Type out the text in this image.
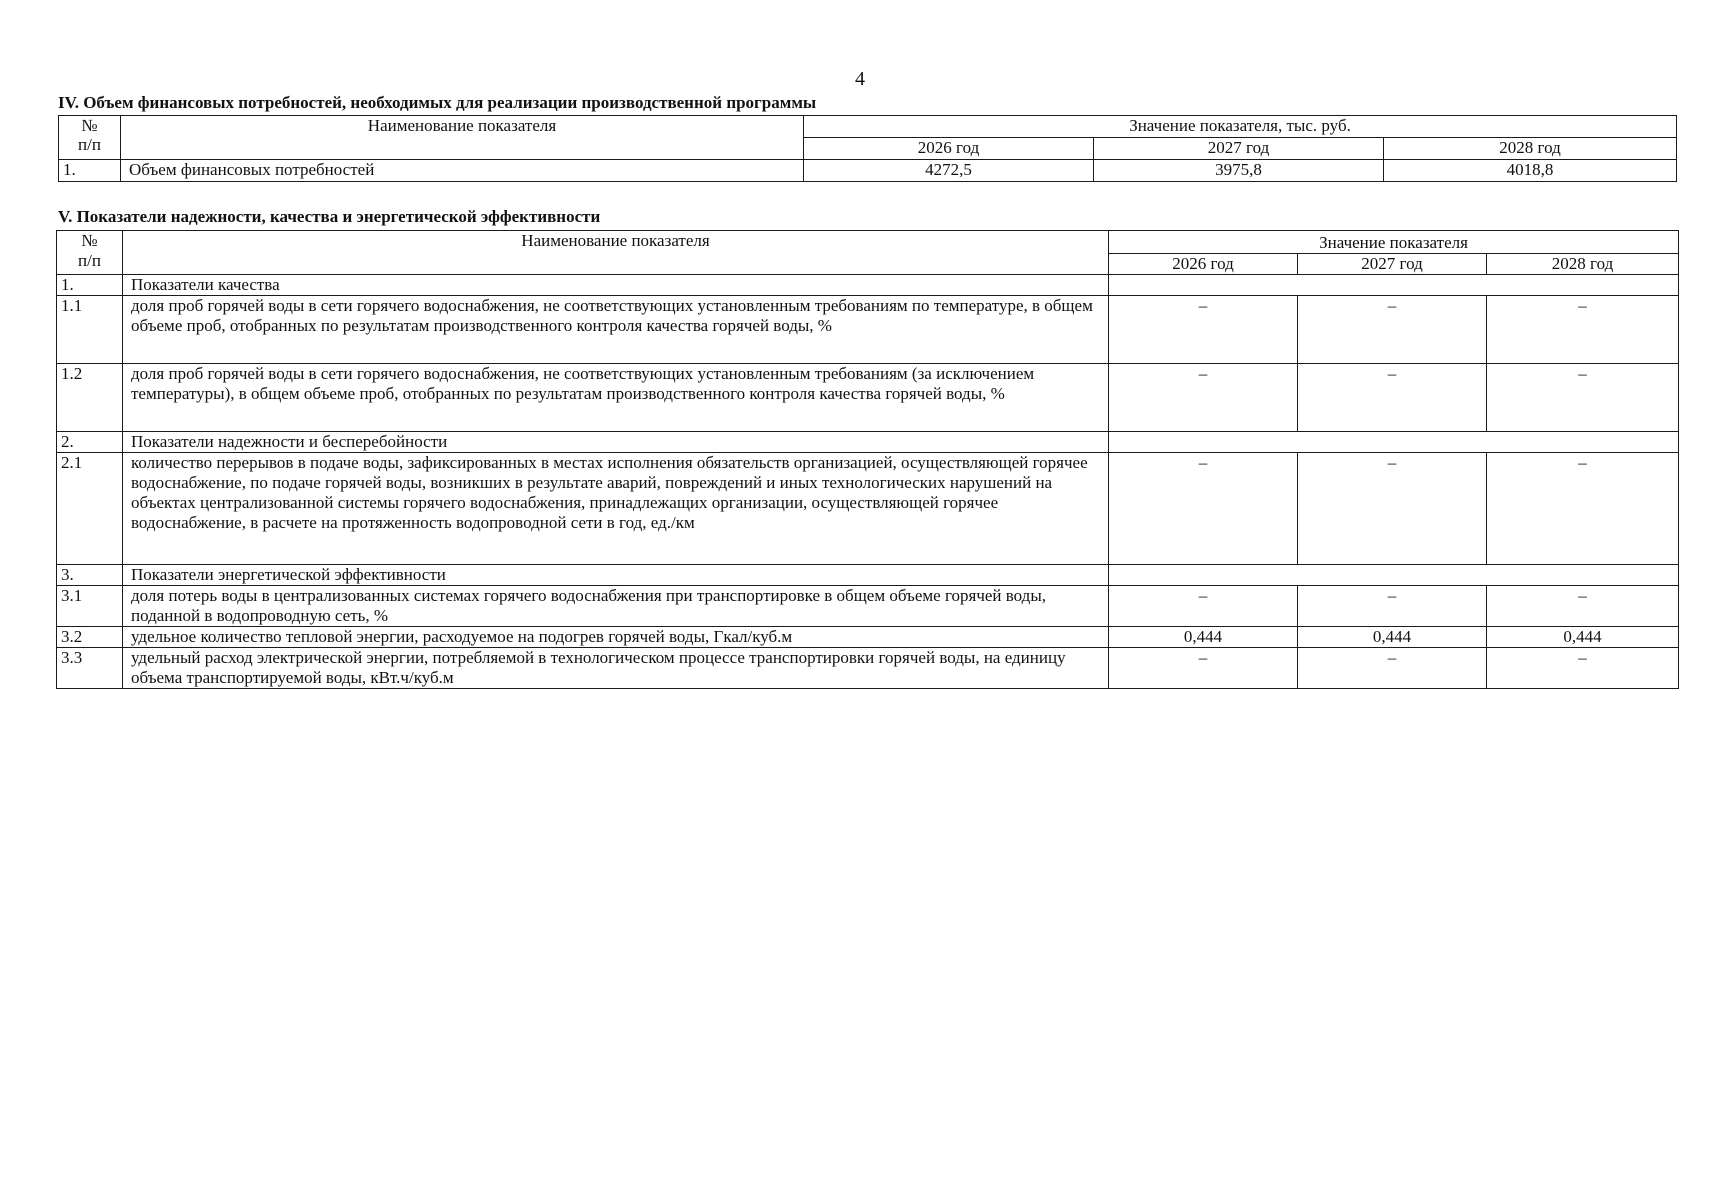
4
IV. Объем финансовых потребностей, необходимых для реализации производственной программы
№
п/п	Наименование показателя	Значение показателя, тыс. руб.		
		2026 год	2027 год	2028 год
1.	Объем финансовых потребностей	4272,5	3975,8	4018,8
V. Показатели надежности, качества и энергетической эффективности
№
п/п	Наименование показателя	Значение показателя		
		2026 год	2027 год	2028 год
1.	Показатели качества			
1.1	доля проб горячей воды в сети горячего водоснабжения, не соответствующих установленным требованиям по температуре, в общем объеме проб, отобранных по результатам производственного контроля качества горячей воды, %	–	–	–
1.2	доля проб горячей воды в сети горячего водоснабжения, не соответствующих установленным требованиям (за исключением температуры), в общем объеме проб, отобранных по результатам производственного контроля качества горячей воды, %	–	–	–
2.	Показатели надежности и бесперебойности			
2.1	количество перерывов в подаче воды, зафиксированных в местах исполнения обязательств организацией, осуществляющей горячее водоснабжение, по подаче горячей воды, возникших в результате аварий, повреждений и иных технологических нарушений на объектах централизованной системы горячего водоснабжения, принадлежащих организации, осуществляющей горячее водоснабжение, в расчете на протяженность водопроводной сети в год, ед./км	–	–	–
3.	Показатели энергетической эффективности			
3.1	доля потерь воды в централизованных системах горячего водоснабжения при транспортировке в общем объеме горячей воды, поданной в водопроводную сеть, %	–	–	–
3.2	удельное количество тепловой энергии, расходуемое на подогрев горячей воды, Гкал/куб.м	0,444	0,444	0,444
3.3	удельный расход электрической энергии, потребляемой в технологическом процессе транспортировки горячей воды, на единицу объема транспортируемой воды, кВт.ч/куб.м	–	–	–
